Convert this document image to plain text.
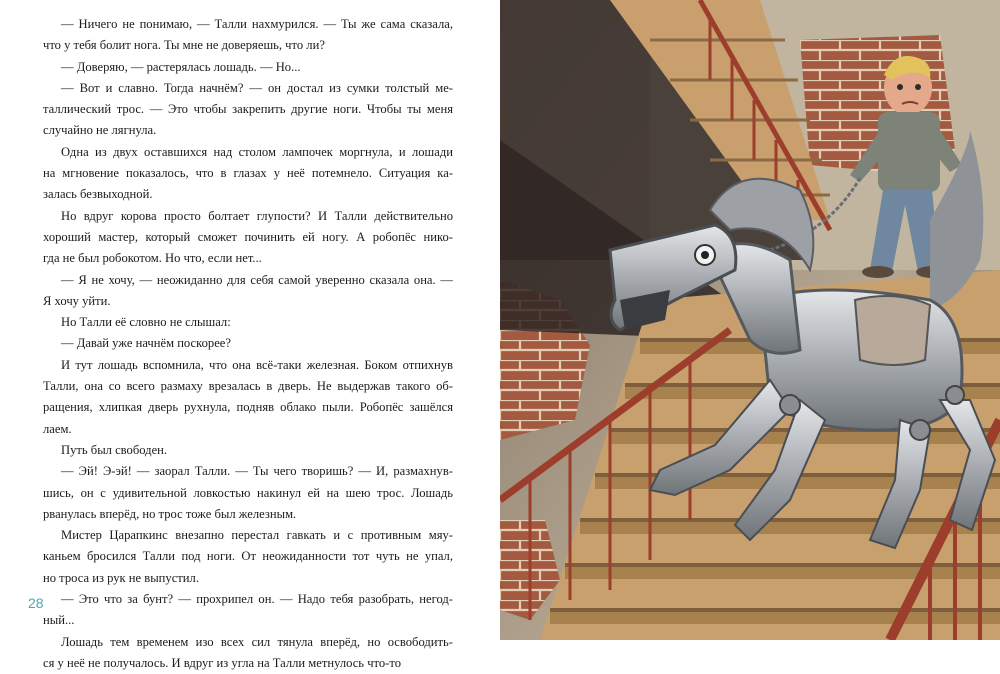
— Ничего не понимаю, — Талли нахмурился. — Ты же сама сказала,
что у тебя болит нога. Ты мне не доверяешь, что ли?

— Доверяю, — растерялась лошадь. — Но...

— Вот и славно. Тогда начнём? — он достал из сумки толстый ме-
таллический трос. — Это чтобы закрепить другие ноги. Чтобы ты меня
случайно не лягнула.

Одна из двух оставшихся над столом лампочек моргнула, и лошади
на мгновение показалось, что в глазах у неё потемнело. Ситуация ка-
залась безвыходной.

Но вдруг корова просто болтает глупости? И Талли действительно
хороший мастер, который сможет починить ей ногу. А робопёс нико-
гда не был робокотом. Но что, если нет...

— Я не хочу, — неожиданно для себя самой уверенно сказала она. —
Я хочу уйти.

Но Талли её словно не слышал:

— Давай уже начнём поскорее?

И тут лошадь вспомнила, что она всё-таки железная. Боком отпихнув
Талли, она со всего размаху врезалась в дверь. Не выдержав такого об-
ращения, хлипкая дверь рухнула, подняв облако пыли. Робопёс зашёлся
лаем.

Путь был свободен.

— Эй! Э-эй! — заорал Талли. — Ты чего творишь? — И, размахнув-
шись, он с удивительной ловкостью накинул ей на шею трос. Лошадь
рванулась вперёд, но трос тоже был железным.

Мистер Царапкинс внезапно перестал гавкать и с противным мяу-
каньем бросился Талли под ноги. От неожиданности тот чуть не упал,
но троса из рук не выпустил.

— Это что за бунт? — прохрипел он. — Надо тебя разобрать, негод-
ный...

Лошадь тем временем изо всех сил тянула вперёд, но освободить-
ся у неё не получалось. И вдруг из угла на Талли метнулось что-то

28
